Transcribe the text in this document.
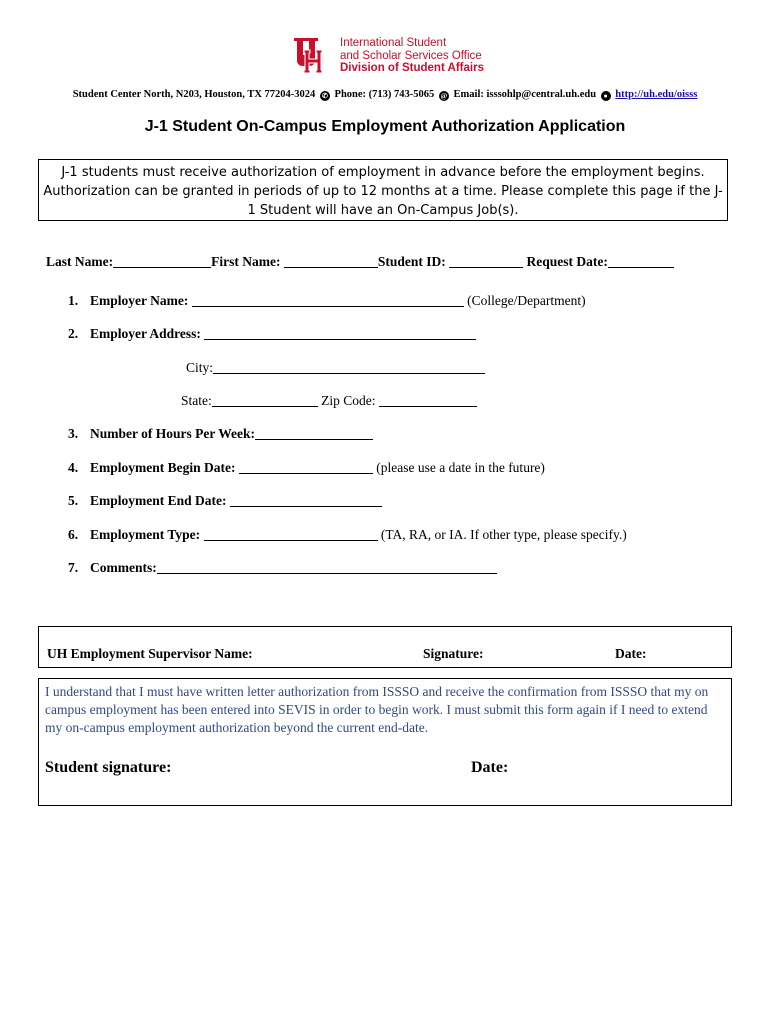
International Student
and Scholar Services Office
Division of Student Affairs
Student Center North, N203, Houston, TX 77204-3024 ✆ Phone: (713) 743-5065 @ Email: isssohlp@central.uh.edu ● http://uh.edu/oisss
J-1 Student On-Campus Employment Authorization Application
J-1 students must receive authorization of employment in advance before the employment begins. Authorization can be granted in periods of up to 12 months at a time. Please complete this page if the J-1 Student will have an On-Campus Job(s).
Last Name:	First Name:	Student ID:	Request Date:
1. Employer Name:	(College/Department)
2. Employer Address:
City:
State:	Zip Code:
3. Number of Hours Per Week:
4. Employment Begin Date:	(please use a date in the future)
5. Employment End Date:
6. Employment Type:	(TA, RA, or IA. If other type, please specify.)
7. Comments:
UH Employment Supervisor Name:	Signature:	Date:
I understand that I must have written letter authorization from ISSSO and receive the confirmation from ISSSO that my on campus employment has been entered into SEVIS in order to begin work. I must submit this form again if I need to extend my on-campus employment authorization beyond the current end-date.
Student signature:	Date:
